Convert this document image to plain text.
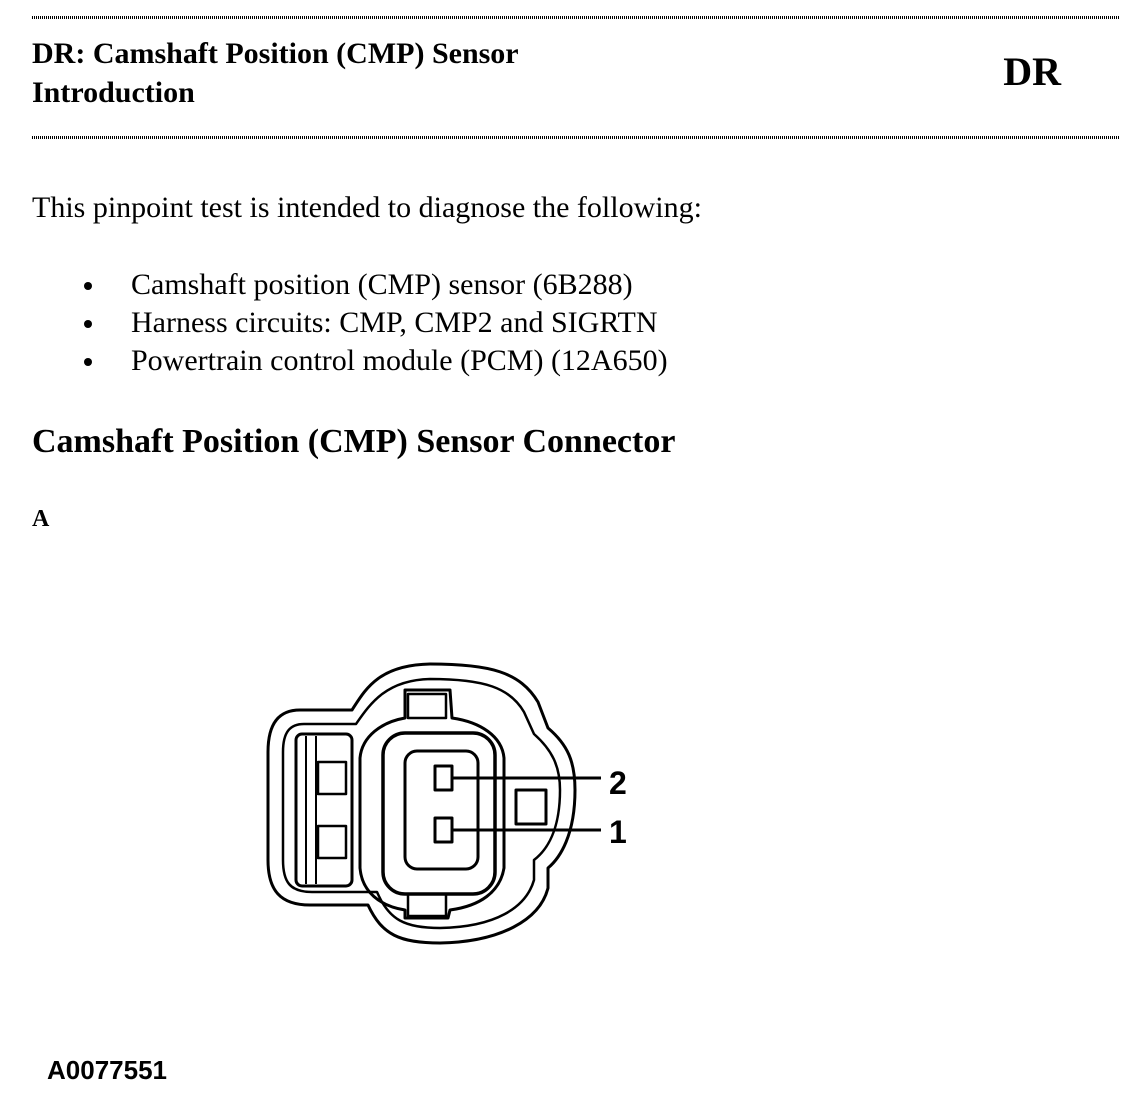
DR: Camshaft Position (CMP) Sensor
Introduction	DR
This pinpoint test is intended to diagnose the following:
Camshaft position (CMP) sensor (6B288)
Harness circuits: CMP, CMP2 and SIGRTN
Powertrain control module (PCM) (12A650)
Camshaft Position (CMP) Sensor Connector
A
2
1
A0077551
